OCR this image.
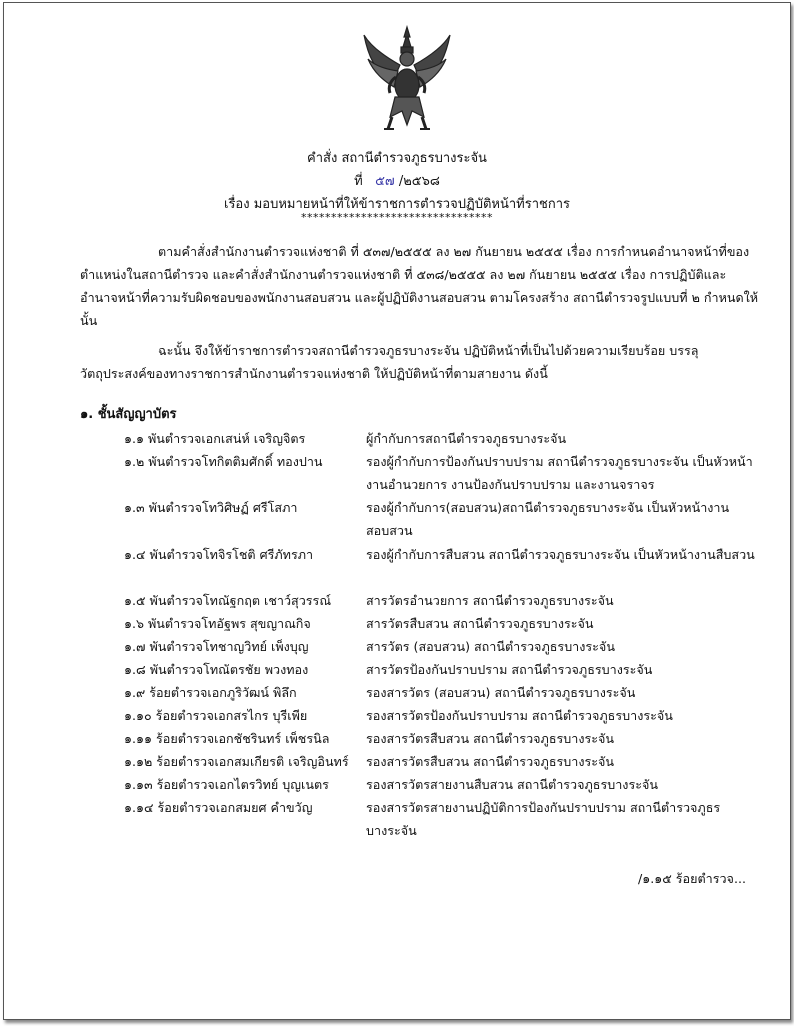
คำสั่ง สถานีตำรวจภูธรบางระจัน
ที่ ๕๗ /๒๕๖๘
เรื่อง มอบหมายหน้าที่ให้ข้าราชการตำรวจปฏิบัติหน้าที่ราชการ
********************************
ตามคำสั่งสำนักงานตำรวจแห่งชาติ ที่ ๕๓๗/๒๕๕๕ ลง ๒๗ กันยายน ๒๕๕๕ เรื่อง การกำหนดอำนาจหน้าที่ของตำแหน่งในสถานีตำรวจ และคำสั่งสำนักงานตำรวจแห่งชาติ ที่ ๕๓๘/๒๕๕๕ ลง ๒๗ กันยายน ๒๕๕๕ เรื่อง การปฏิบัติและอำนาจหน้าที่ความรับผิดชอบของพนักงานสอบสวน และผู้ปฏิบัติงานสอบสวน ตามโครงสร้าง สถานีตำรวจรูปแบบที่ ๒ กำหนดให้ นั้น
ฉะนั้น จึงให้ข้าราชการตำรวจสถานีตำรวจภูธรบางระจัน ปฏิบัติหน้าที่เป็นไปด้วยความเรียบร้อย บรรลุวัตถุประสงค์ของทางราชการสำนักงานตำรวจแห่งชาติ ให้ปฏิบัติหน้าที่ตามสายงาน ดังนี้
๑. ชั้นสัญญาบัตร
๑.๑ พันตำรวจเอกเสน่ห์ เจริญจิตร	ผู้กำกับการสถานีตำรวจภูธรบางระจัน
๑.๒ พันตำรวจโทกิตติมศักดิ์ ทองปาน	รองผู้กำกับการป้องกันปราบปราม สถานีตำรวจภูธรบางระจัน เป็นหัวหน้างานอำนวยการ งานป้องกันปราบปราม และงานจราจร
๑.๓ พันตำรวจโทวิศิษฏ์ ศรีโสภา	รองผู้กำกับการ(สอบสวน)สถานีตำรวจภูธรบางระจัน เป็นหัวหน้างานสอบสวน
๑.๔ พันตำรวจโทจิรโชติ ศรีภัทรภา	รองผู้กำกับการสืบสวน สถานีตำรวจภูธรบางระจัน เป็นหัวหน้างานสืบสวน
๑.๕ พันตำรวจโทณัฐกฤต เชาว์สุวรรณ์	สารวัตรอำนวยการ สถานีตำรวจภูธรบางระจัน
๑.๖ พันตำรวจโทอัฐพร สุขญาณกิจ	สารวัตรสืบสวน สถานีตำรวจภูธรบางระจัน
๑.๗ พันตำรวจโทชาญวิทย์ เพ็งบุญ	สารวัตร (สอบสวน) สถานีตำรวจภูธรบางระจัน
๑.๘ พันตำรวจโทณัตรชัย พวงทอง	สารวัตรป้องกันปราบปราม สถานีตำรวจภูธรบางระจัน
๑.๙ ร้อยตำรวจเอกภูริวัฒน์ พิลึก	รองสารวัตร (สอบสวน) สถานีตำรวจภูธรบางระจัน
๑.๑๐ ร้อยตำรวจเอกสรไกร บุรีเพีย	รองสารวัตรป้องกันปราบปราม สถานีตำรวจภูธรบางระจัน
๑.๑๑ ร้อยตำรวจเอกชัชรินทร์ เพ็ชรนิล	รองสารวัตรสืบสวน สถานีตำรวจภูธรบางระจัน
๑.๑๒ ร้อยตำรวจเอกสมเกียรติ เจริญอินทร์ รองสารวัตรสืบสวน สถานีตำรวจภูธรบางระจัน
๑.๑๓ ร้อยตำรวจเอกไตรวิทย์ บุญเนตร	รองสารวัตรสายงานสืบสวน สถานีตำรวจภูธรบางระจัน
๑.๑๔ ร้อยตำรวจเอกสมยศ คำขวัญ	รองสารวัตรสายงานปฏิบัติการป้องกันปราบปราม สถานีตำรวจภูธรบางระจัน
/๑.๑๕ ร้อยตำรวจ...
